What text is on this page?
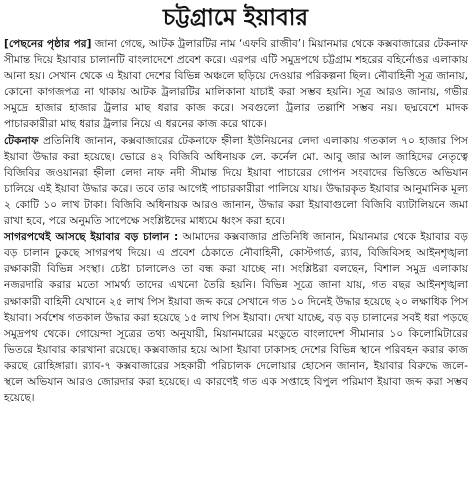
চট্টগ্রামে ইয়াবার

[পেছনের পৃষ্ঠার পর] জানা গেছে, আটক ট্রলারটির নাম ‘এফবি রাজীব’। মিয়ানমার থেকে কক্সবাজারের টেকনাফ সীমান্ত দিয়ে ইয়াবার চালানটি বাংলাদেশে প্রবেশ করে। এরপর এটি সমুদ্রপথে চট্টগ্রাম শহরের বহির্নোঙর এলাকায় আনা হয়। সেখান থেকে এ ইয়াবা দেশের বিভিন্ন অঞ্চলে ছড়িয়ে দেওয়ার পরিকল্পনা ছিল। নৌবাহিনী সূত্র জানায়, কোনো কাগজপত্র না থাকায় আটক ট্রলারটির মালিকানা যাচাই করা সম্ভব হয়নি। সূত্র আরও জানায়, গভীর সমুদ্রে হাজার হাজার ট্রলার মাছ ধরার কাজ করে। সবগুলো ট্রলার তল্লাশি সম্ভব নয়। ছদ্মবেশে মাদক পাচারকারীরা মাছ ধরার ট্রলার নিয়ে এ ধরনের কাজ করে থাকে।

টেকনাফ প্রতিনিধি জানান, কক্সবাজারের টেকনাফে হ্নীলা ইউনিয়নের লেদা এলাকায় গতকাল ৭০ হাজার পিস ইয়াবা উদ্ধার করা হয়েছে। ভোরে ৪২ বিজিবি অধিনায়ক লে. কর্নেল মো. আবু জার আল জাহিদের নেতৃত্বে বিজিবির জওয়ানরা হ্নীলা লেদা নাফ নদী সীমান্ত দিয়ে ইয়াবা পাচারের গোপন সংবাদের ভিত্তিতে অভিযান চালিয়ে এই ইয়াবা উদ্ধার করে। তবে তার আগেই পাচারকারীরা পালিয়ে যায়। উদ্ধারকৃত ইয়াবার আনুমানিক মূল্য ২ কোটি ১০ লাখ টাকা। বিজিবি অধিনায়ক আরও জানান, উদ্ধার করা ইয়াবাগুলো বিজিবি ব্যাটালিয়নে জমা রাখা হবে, পরে অনুমতি সাপেক্ষে সংশ্লিষ্টদের মাধ্যমে ধ্বংস করা হবে।

সাগরপথেই আসছে ইয়াবার বড় চালান : আমাদের কক্সবাজার প্রতিনিধি জানান, মিয়ানমার থেকে ইয়াবার বড় বড় চালান ঢুকছে সাগরপথ দিয়ে। এ প্রবেশ ঠেকাতে নৌবাহিনী, কোস্টগার্ড, র‌্যাব, বিজিবিসহ আইনশৃঙ্খলা রক্ষাকারী বিভিন্ন সংস্থা। চেষ্টা চালালেও তা বন্ধ করা যাচ্ছে না। সংশ্লিষ্টরা বলছেন, বিশাল সমুদ্র এলাকায় নজরদারি করার মতো সামর্থ্য তাদের এখনো তৈরি হয়নি। বিভিন্ন সূত্রে জানা যায়, গত বছর আইনশৃঙ্খলা রক্ষাকারী বাহিনী যেখানে ২৫ লাখ পিস ইয়াবা জব্দ করে সেখানে গত ১০ দিনেই উদ্ধার হয়েছে ২০ লক্ষাধিক পিস ইয়াবা। সর্বশেষ গতকাল উদ্ধার করা হয়েছে ১৫ লাখ পিস ইয়াবা। দেখা যাচ্ছে, বড় বড় চালানের সবই ধরা পড়ছে সমুদ্রপথ থেকে। গোয়েন্দা সূত্রের তথ্য অনুযায়ী, মিয়ানমারের মংডুতে বাংলাদেশ সীমানার ১০ কিলোমিটারের ভিতরে ইয়াবার কারখানা রয়েছে। কক্সবাজার হয়ে আসা ইয়াবা ঢাকাসহ দেশের বিভিন্ন স্থানে পরিবহন করার কাজ করছে রোহিঙ্গারা। র‌্যাব-৭ কক্সবাজারের সহকারী পরিচালক দেলোয়ার হোসেন জানান, ইয়াবার বিরুদ্ধে জলে-স্থলে অভিযান আরও জোরদার করা হয়েছে। এ কারণেই গত এক সপ্তাহে বিপুল পরিমাণ ইয়াবা জব্দ করা সম্ভব হয়েছে।
